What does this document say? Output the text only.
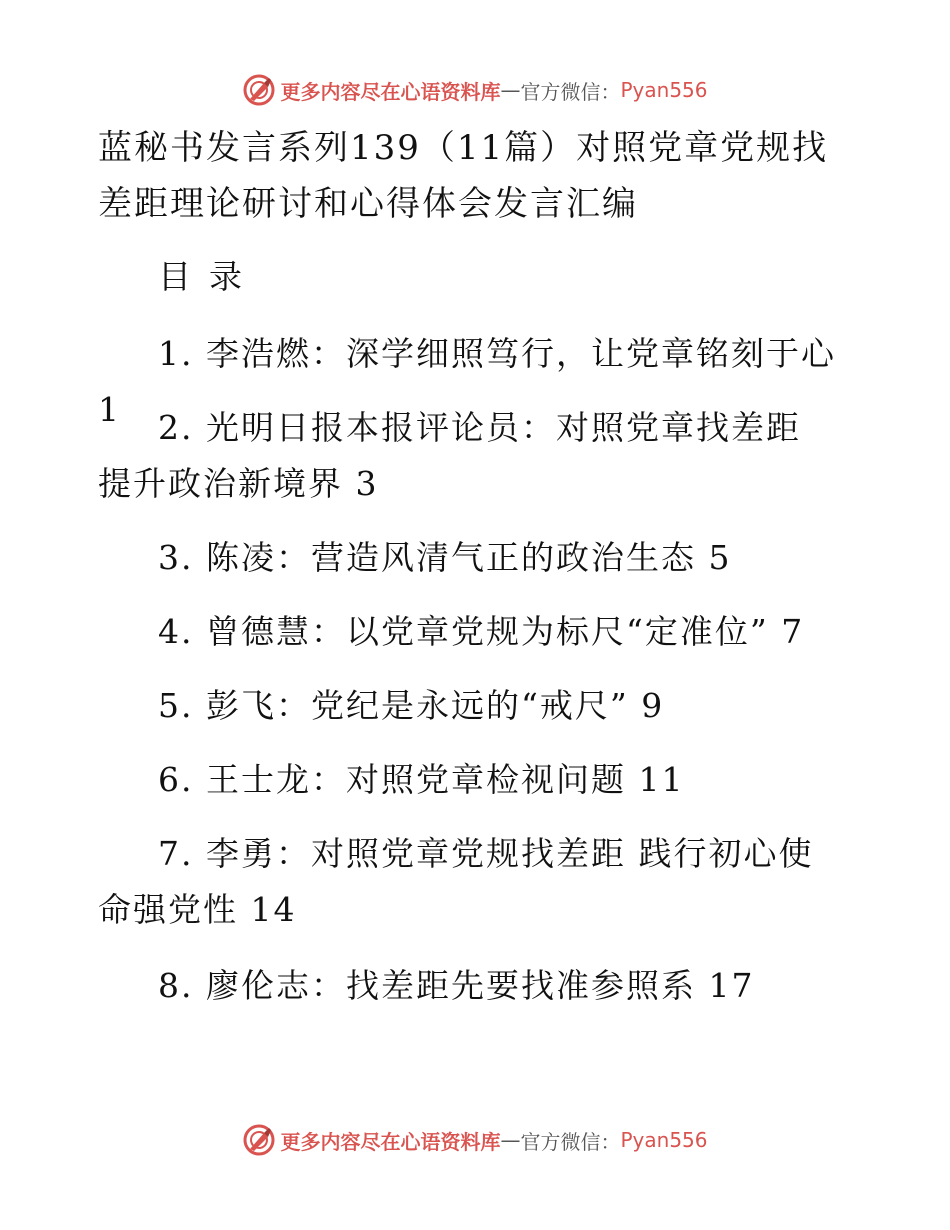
更多内容尽在心语资料库 — 官方微信： Pyan556
蓝秘书发言系列139（11篇）对照党章党规找差距理论研讨和心得体会发言汇编
目录

1. 李浩燃：深学细照笃行，让党章铭刻于心1	2. 光明日报本报评论员：对照党章找差距 提升政治新境界 3

3. 陈凌：营造风清气正的政治生态 5

4. 曾德慧：以党章党规为标尺“定准位” 7

5. 彭飞：党纪是永远的“戒尺” 9

6. 王士龙：对照党章检视问题 11

7. 李勇：对照党章党规找差距 践行初心使命强党性 14

8. 廖伦志：找差距先要找准参照系 17

更多内容尽在心语资料库 — 官方微信： Pyan556
